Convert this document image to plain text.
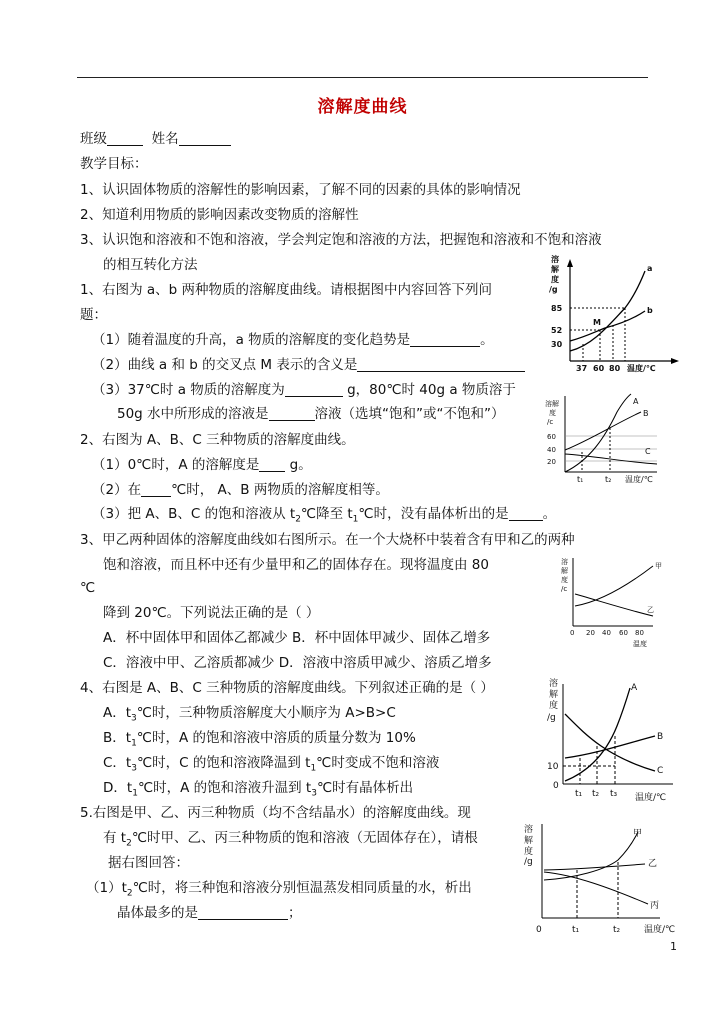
溶解度曲线
班级	姓名
教学目标：
1、认识固体物质的溶解性的影响因素，了解不同的因素的具体的影响情况
2、知道利用物质的影响因素改变物质的溶解性
3、认识饱和溶液和不饱和溶液，学会判定饱和溶液的方法，把握饱和溶液和不饱和溶液
的相互转化方法
1、右图为 a、b 两种物质的溶解度曲线。请根据图中内容回答下列问
题：
（1）随着温度的升高，a 物质的溶解度的变化趋势是	。
（2）曲线 a 和 b 的交叉点 M 表示的含义是
（3）37℃时 a 物质的溶解度为	g，80℃时 40g a 物质溶于
50g 水中所形成的溶液是	溶液（选填“饱和”或“不饱和”）
2、右图为 A、B、C 三种物质的溶解度曲线。
（1）0℃时，A 的溶解度是 g。
（2）在 ℃时， A、B 两物质的溶解度相等。
（3）把 A、B、C 的饱和溶液从 $t_2℃$降至 $t_1℃$时，没有晶体析出的是	。
3、甲乙两种固体的溶解度曲线如右图所示。在一个大烧杯中装着含有甲和乙的两种
饱和溶液，而且杯中还有少量甲和乙的固体存在。现将温度由 80
℃
降到 20℃。下列说法正确的是（ ）
A．杯中固体甲和固体乙都减少 B．杯中固体甲减少、固体乙增多
C．溶液中甲、乙溶质都减少 D．溶液中溶质甲减少、溶质乙增多
4、右图是 A、B、C 三种物质的溶解度曲线。下列叙述正确的是（ ）
A．$t_3℃$时，三种物质溶解度大小顺序为 A>B>C
B．$t_1℃$时，A 的饱和溶液中溶质的质量分数为 10%
C．$t_3℃$时，C 的饱和溶液降温到 $t_1℃$时变成不饱和溶液
D．$t_1℃$时，A 的饱和溶液升温到 $t_3℃$时有晶体析出
5.右图是甲、乙、丙三种物质（均不含结晶水）的溶解度曲线。现
有 $t_2℃$时甲、乙、丙三种物质的饱和溶液（无固体存在），请根
据右图回答：
$(1)t_2℃$时，将三种饱和溶液分别恒温蒸发相同质量的水，析出
晶体最多的是	；
1
溶
解
度
/g
a
b
M
85
52
30
37 60 80 温度/℃
溶解
度
/c
60
40
20
A
B
C
t₁	t₂ 温度/℃
溶
解
度
/c
甲
乙
0 20 40 60 80
温度
溶
解
度
/g
A
B
C
10
0
t₁ t₂ t₃ 温度/℃
溶
解
度
/g
甲
乙
丙
0	t₁	t₂	温度/℃
